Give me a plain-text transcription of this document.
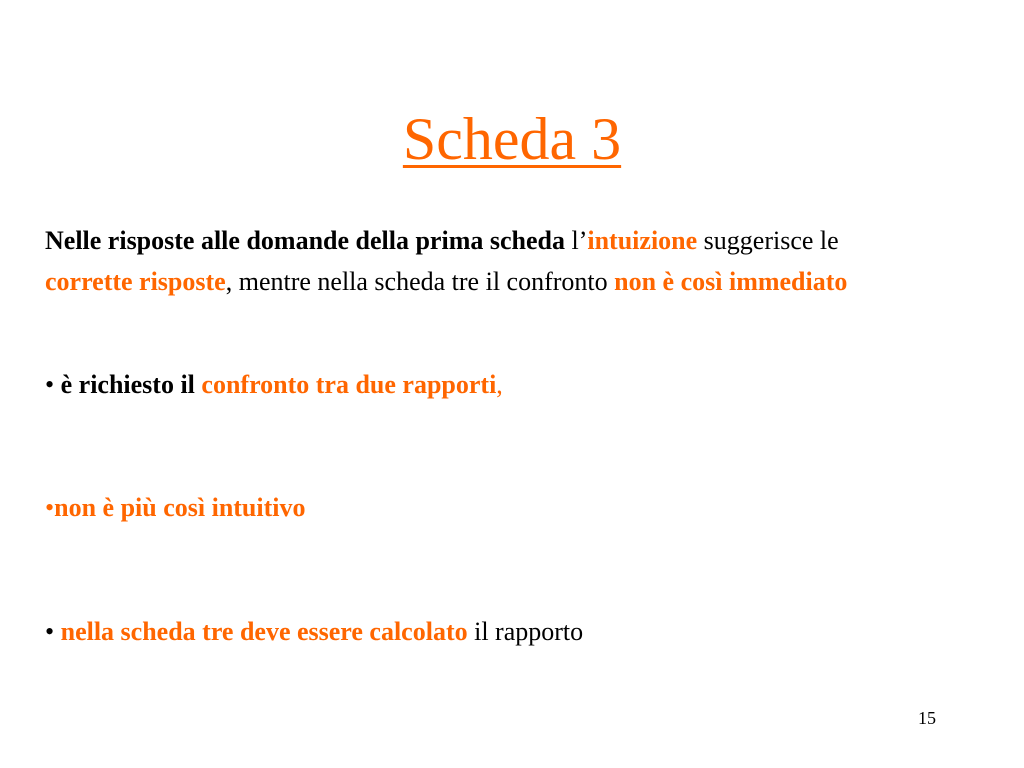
Scheda 3
Nelle risposte alle domande della prima scheda l’intuizione suggerisce le corrette risposte, mentre nella scheda tre il confronto non è così immediato
• è richiesto il confronto tra due rapporti,
•non è più così intuitivo
• nella scheda tre deve essere calcolato il rapporto
15
